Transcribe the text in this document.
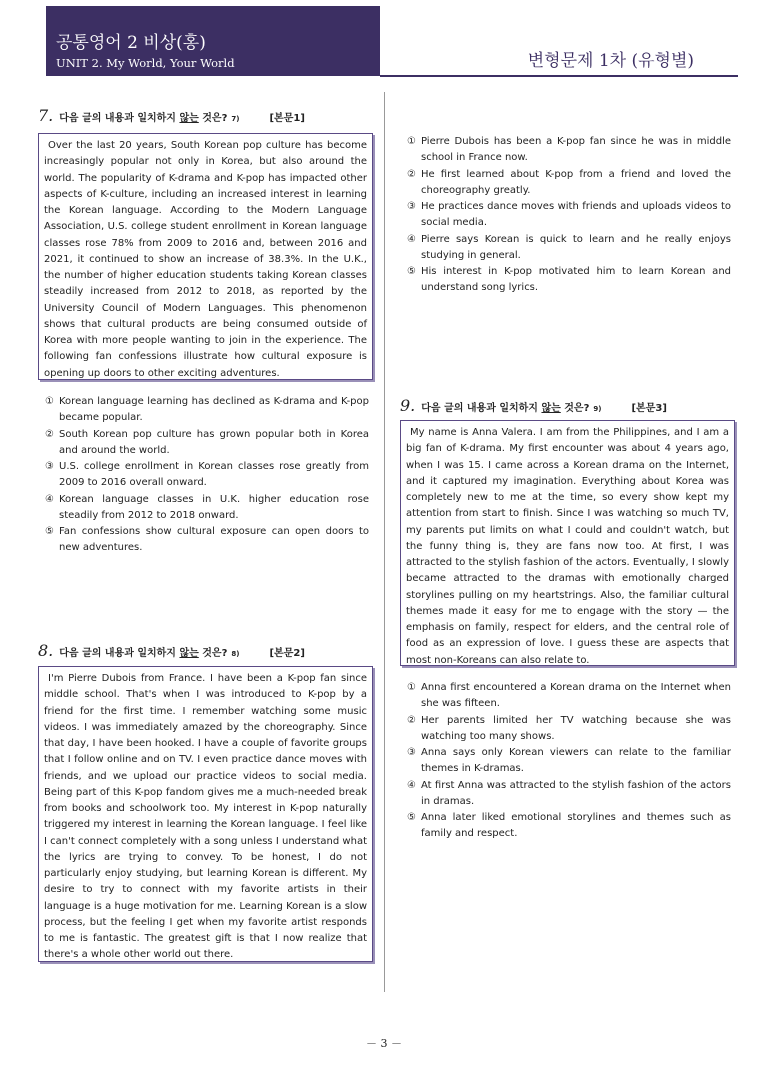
공통영어 2 비상(홍)
UNIT 2. My World, Your World	변형문제 1차 (유형별)
7. 다음 글의 내용과 일치하지 않는 것은? 7)	[본문1]
Over the last 20 years, South Korean pop culture has become increasingly popular not only in Korea, but also around the world. The popularity of K-drama and K-pop has impacted other aspects of K-culture, including an increased interest in learning the Korean language. According to the Modern Language Association, U.S. college student enrollment in Korean language classes rose 78% from 2009 to 2016 and, between 2016 and 2021, it continued to show an increase of 38.3%. In the U.K., the number of higher education students taking Korean classes steadily increased from 2012 to 2018, as reported by the University Council of Modern Languages. This phenomenon shows that cultural products are being consumed outside of Korea with more people wanting to join in the experience. The following fan confessions illustrate how cultural exposure is opening up doors to other exciting adventures.
① Korean language learning has declined as K-drama and K-pop became popular.
② South Korean pop culture has grown popular both in Korea and around the world.
③ U.S. college enrollment in Korean classes rose greatly from 2009 to 2016 overall onward.
④ Korean language classes in U.K. higher education rose steadily from 2012 to 2018 onward.
⑤ Fan confessions show cultural exposure can open doors to new adventures.
8. 다음 글의 내용과 일치하지 않는 것은? 8)	[본문2]
I'm Pierre Dubois from France. I have been a K-pop fan since middle school. That's when I was introduced to K-pop by a friend for the first time. I remember watching some music videos. I was immediately amazed by the choreography. Since that day, I have been hooked. I have a couple of favorite groups that I follow online and on TV. I even practice dance moves with friends, and we upload our practice videos to social media. Being part of this K-pop fandom gives me a much-needed break from books and schoolwork too. My interest in K-pop naturally triggered my interest in learning the Korean language. I feel like I can't connect completely with a song unless I understand what the lyrics are trying to convey. To be honest, I do not particularly enjoy studying, but learning Korean is different. My desire to try to connect with my favorite artists in their language is a huge motivation for me. Learning Korean is a slow process, but the feeling I get when my favorite artist responds to me is fantastic. The greatest gift is that I now realize that there's a whole other world out there.
① Pierre Dubois has been a K-pop fan since he was in middle school in France now.
② He first learned about K-pop from a friend and loved the choreography greatly.
③ He practices dance moves with friends and uploads videos to social media.
④ Pierre says Korean is quick to learn and he really enjoys studying in general.
⑤ His interest in K-pop motivated him to learn Korean and understand song lyrics.
9. 다음 글의 내용과 일치하지 않는 것은? 9)	[본문3]
My name is Anna Valera. I am from the Philippines, and I am a big fan of K-drama. My first encounter was about 4 years ago, when I was 15. I came across a Korean drama on the Internet, and it captured my imagination. Everything about Korea was completely new to me at the time, so every show kept my attention from start to finish. Since I was watching so much TV, my parents put limits on what I could and couldn't watch, but the funny thing is, they are fans now too. At first, I was attracted to the stylish fashion of the actors. Eventually, I slowly became attracted to the dramas with emotionally charged storylines pulling on my heartstrings. Also, the familiar cultural themes made it easy for me to engage with the story — the emphasis on family, respect for elders, and the central role of food as an expression of love. I guess these are aspects that most non-Koreans can also relate to.
① Anna first encountered a Korean drama on the Internet when she was fifteen.
② Her parents limited her TV watching because she was watching too many shows.
③ Anna says only Korean viewers can relate to the familiar themes in K-dramas.
④ At first Anna was attracted to the stylish fashion of the actors in dramas.
⑤ Anna later liked emotional storylines and themes such as family and respect.
－ 3 －
